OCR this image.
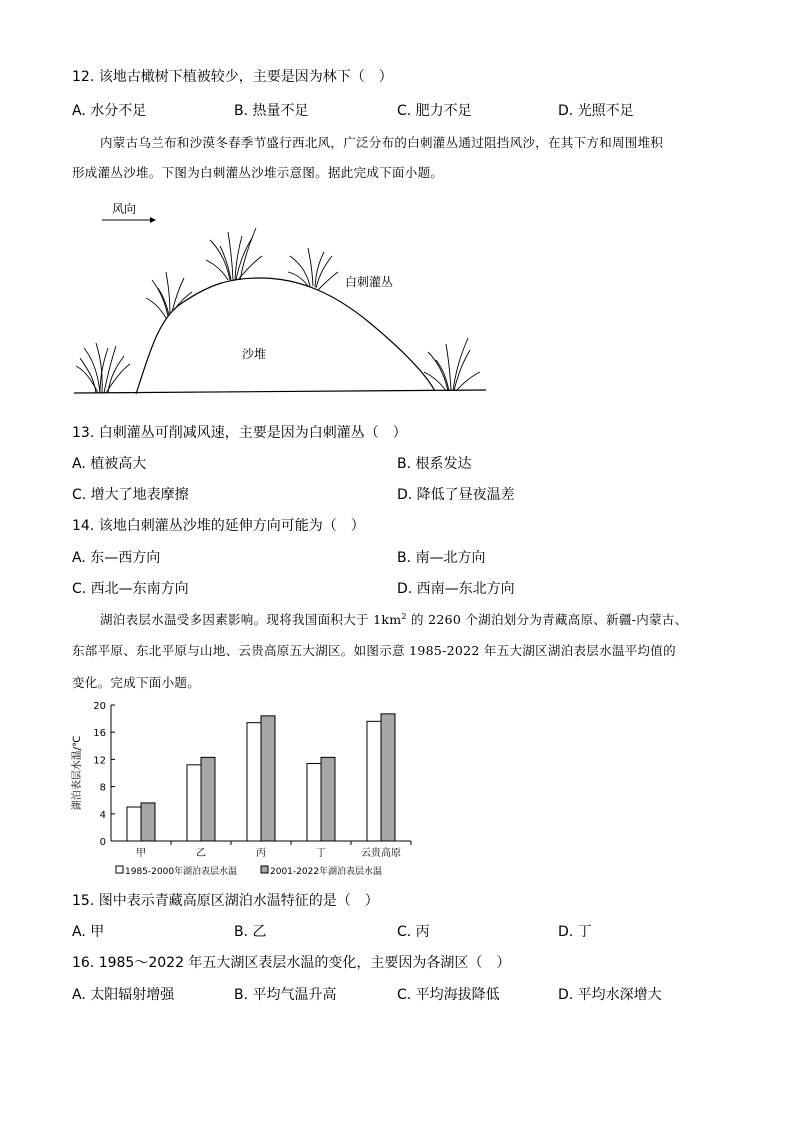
12. 该地古橄树下植被较少，主要是因为林下（　）
A. 水分不足	B. 热量不足	C. 肥力不足	D. 光照不足
内蒙古乌兰布和沙漠冬春季节盛行西北风，广泛分布的白刺灌丛通过阻挡风沙，在其下方和周围堆积
形成灌丛沙堆。下图为白刺灌丛沙堆示意图。据此完成下面小题。
风向
沙堆
白刺灌丛
13. 白刺灌丛可削减风速，主要是因为白刺灌丛（　）
A. 植被高大	B. 根系发达
C. 增大了地表摩擦	D. 降低了昼夜温差
14. 该地白刺灌丛沙堆的延伸方向可能为（　）
A. 东—西方向	B. 南—北方向
C. 西北—东南方向	D. 西南—东北方向
湖泊表层水温受多因素影响。现将我国面积大于 $1km^2$ 的 2260 个湖泊划分为青藏高原、新疆-内蒙古、
东部平原、东北平原与山地、云贵高原五大湖区。如图示意 1985-2022 年五大湖区湖泊表层水温平均值的
变化。完成下面小题。
0
4
8
12
16
20
湖泊表层水温/℃
甲	乙	丙	丁	云贵高原
1985-2000年湖泊表层水温	2001-2022年湖泊表层水温
15. 图中表示青藏高原区湖泊水温特征的是（　）
A. 甲	B. 乙	C. 丙	D. 丁
16. 1985～2022 年五大湖区表层水温的变化，主要因为各湖区（　）
A. 太阳辐射增强	B. 平均气温升高	C. 平均海拔降低	D. 平均水深增大
